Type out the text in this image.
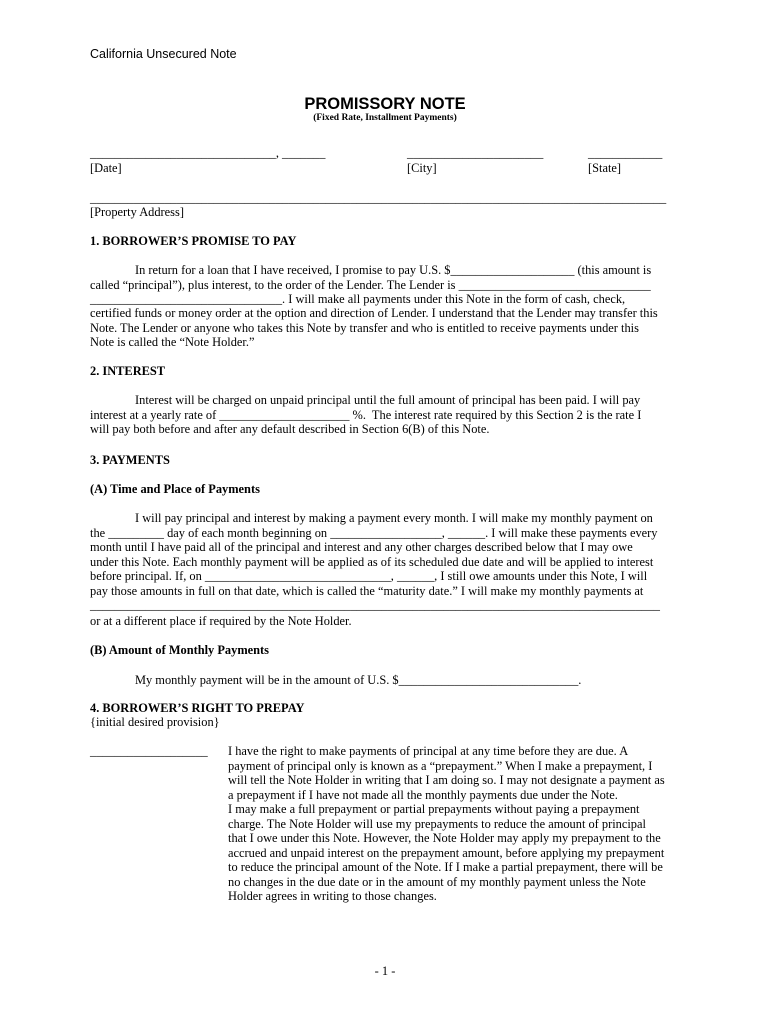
California Unsecured Note
PROMISSORY NOTE
(Fixed Rate, Installment Payments)
______________________________, _______	______________________	____________
[Date]	[City]	[State]
_____________________________________________________________________________________________
[Property Address]
1. BORROWER’S PROMISE TO PAY
In return for a loan that I have received, I promise to pay U.S. $____________________ (this amount is
called “principal”), plus interest, to the order of the Lender. The Lender is _______________________________
_______________________________. I will make all payments under this Note in the form of cash, check,
certified funds or money order at the option and direction of Lender. I understand that the Lender may transfer this
Note. The Lender or anyone who takes this Note by transfer and who is entitled to receive payments under this
Note is called the “Note Holder.”
2. INTEREST
Interest will be charged on unpaid principal until the full amount of principal has been paid. I will pay
interest at a yearly rate of _____________________ %.  The interest rate required by this Section 2 is the rate I
will pay both before and after any default described in Section 6(B) of this Note.
3. PAYMENTS
(A) Time and Place of Payments
I will pay principal and interest by making a payment every month. I will make my monthly payment on
the _________ day of each month beginning on __________________, ______. I will make these payments every
month until I have paid all of the principal and interest and any other charges described below that I may owe
under this Note. Each monthly payment will be applied as of its scheduled due date and will be applied to interest
before principal. If, on ______________________________, ______, I still owe amounts under this Note, I will
pay those amounts in full on that date, which is called the “maturity date.” I will make my monthly payments at
____________________________________________________________________________________________
or at a different place if required by the Note Holder.
(B) Amount of Monthly Payments
My monthly payment will be in the amount of U.S. $_____________________________.
4. BORROWER’S RIGHT TO PREPAY
{initial desired provision}
___________________ I have the right to make payments of principal at any time before they are due. A
payment of principal only is known as a “prepayment.” When I make a prepayment, I
will tell the Note Holder in writing that I am doing so. I may not designate a payment as
a prepayment if I have not made all the monthly payments due under the Note.
I may make a full prepayment or partial prepayments without paying a prepayment
charge. The Note Holder will use my prepayments to reduce the amount of principal
that I owe under this Note. However, the Note Holder may apply my prepayment to the
accrued and unpaid interest on the prepayment amount, before applying my prepayment
to reduce the principal amount of the Note. If I make a partial prepayment, there will be
no changes in the due date or in the amount of my monthly payment unless the Note
Holder agrees in writing to those changes.
- 1 -
